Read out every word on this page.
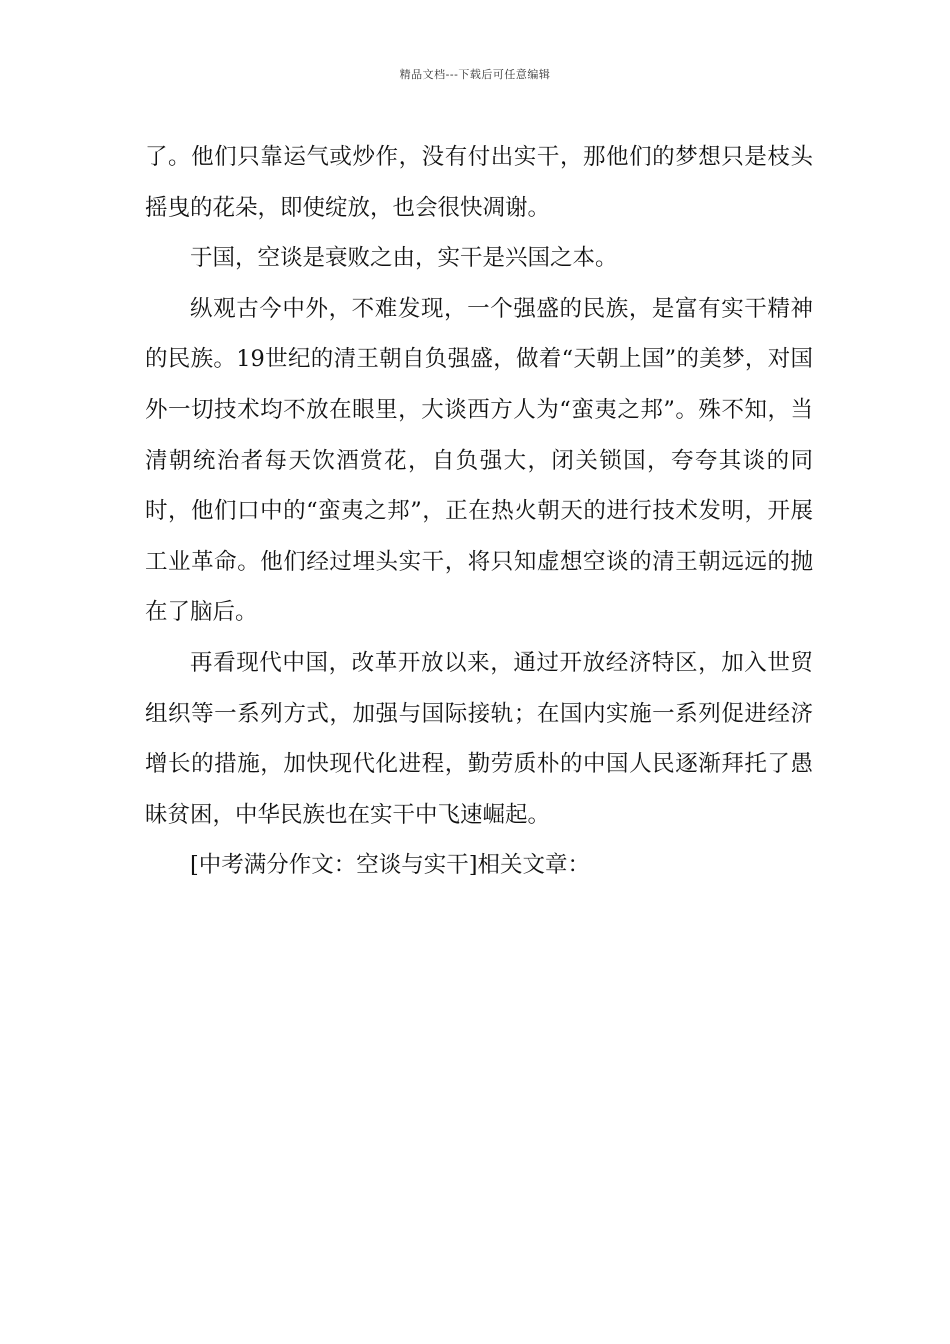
精品文档---下载后可任意编辑

了。他们只靠运气或炒作，没有付出实干，那他们的梦想只是枝头摇曳的花朵，即使绽放，也会很快凋谢。

于国，空谈是衰败之由，实干是兴国之本。

纵观古今中外，不难发现，一个强盛的民族，是富有实干精神的民族。19世纪的清王朝自负强盛，做着“天朝上国”的美梦，对国外一切技术均不放在眼里，大谈西方人为“蛮夷之邦”。殊不知，当清朝统治者每天饮酒赏花，自负强大，闭关锁国，夸夸其谈的同时，他们口中的“蛮夷之邦”，正在热火朝天的进行技术发明，开展工业革命。他们经过埋头实干，将只知虚想空谈的清王朝远远的抛在了脑后。

再看现代中国，改革开放以来，通过开放经济特区，加入世贸组织等一系列方式，加强与国际接轨；在国内实施一系列促进经济增长的措施，加快现代化进程，勤劳质朴的中国人民逐渐拜托了愚昧贫困，中华民族也在实干中飞速崛起。

[中考满分作文：空谈与实干]相关文章：
